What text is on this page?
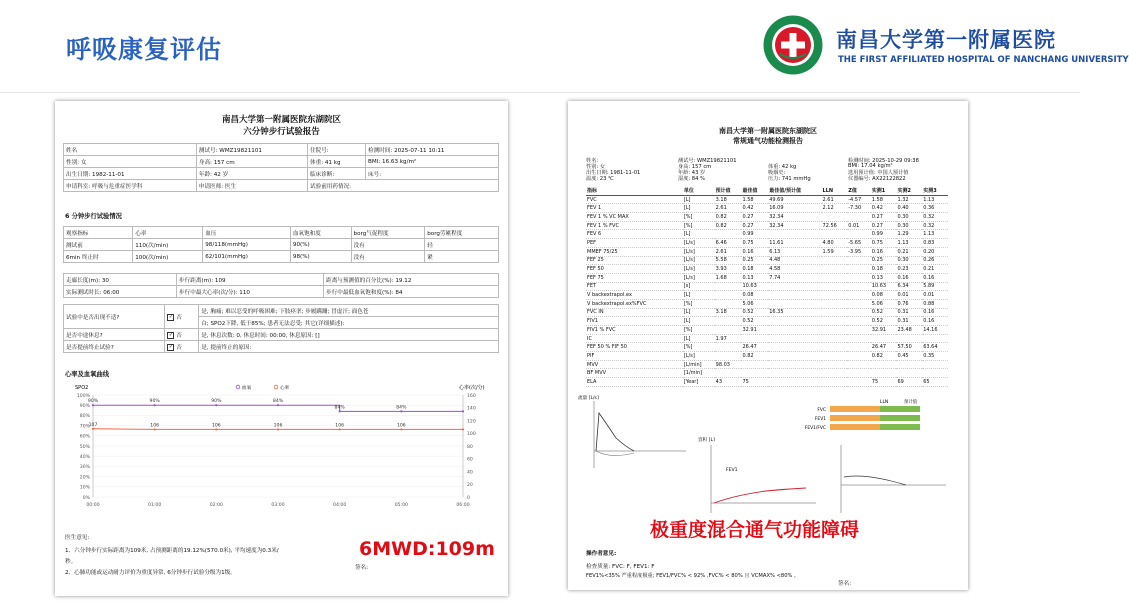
呼吸康复评估	南昌大学第一附属医院
THE FIRST AFFILIATED HOSPITAL OF NANCHANG UNIVERSITY
南昌大学第一附属医院东湖院区
六分钟步行试验报告
姓名	测试号: WMZ19821101	住院号:	检测时间: 2025-07-11 10:11
性别: 女	身高: 157 cm	体重: 41 kg	BMI: 16.63 kg/m²
出生日期: 1982-11-01	年龄: 42 岁	临床诊断:	床号:
申请科室: 呼吸与危重症医学科	申请医师: 医生	试验前用药情况:	
6 分钟步行试验情况
观察指标	心率	血压	血氧饱和度	borg气促程度	borg劳累程度
测试前	110(次/min)	98/118(mmHg)	90(%)	没有	轻
6min 终止时	100(次/min)	62/101(mmHg)	98(%)	没有	紧
走廊长度(m): 30	步行距离(m): 109	距离与预测值的百分比(%): 19.12
实际测试时长: 06:00	步行中最大心率(次/分): 110	步行中最低血氧饱和度(%): 84
试验中是否出现不适?	✓ 否	是, 胸痛; 难以忍受的呼吸困难; 下肢痉挛; 步履蹒跚; 冒虚汗; 面色苍
		白; SPO2下降, 低于85%; 患者无法忍受; 其它(详细描述):
是否中途休息?	✓ 否	是, 休息次数: 0, 休息时间: 00:00, 休息原因: []
是否提前终止试验?	✓ 否	是, 提前终止的原因:
心率及血氧曲线
SPO2	心率(次/分)
0%
10%
20%
30%
40%
50%
60%
70%
80%
90%
100%
0
20
40
60
80
100
120
140
160
00:00	01:00	02:00	03:00	04:00	05:00	06:00
血氧	心率
90%	90%	90%	84%
84%	84%
107	106	106	106	106	106
医生意见:
1、六分钟步行实际距离为109米, 占预测距离的19.12%(570.0米), 平均速度为0.3米/
秒。
2、心肺功能或运动耐力评价为重度异常, 6分钟步行试验分级为1级。
签名:
6MWD:109m
南昌大学第一附属医院东湖院区
常规通气功能检测报告
姓名:	测试号: WMZ19821101	检测时间: 2025-10-29 09:38
性别: 女	身高: 157 cm	体重: 42 kg	BMI: 17.04 kg/m²
出生日期: 1981-11-01	年龄: 43 岁	吸烟史:	选用预计值: 中国人预计值
温度: 23 ℃	湿度: 84 %	压力: 741 mmHg	仪器编号: AX22122822
指标	单位	预计值	最佳值	最佳值/预计值	LLN	Z值	实测1	实测2	实测3
FVC	[L]	3.18	1.58	49.69	2.61	-4.57	1.58	1.32	1.13
FEV 1	[L]	2.61	0.42	16.09	2.12	-7.30	0.42	0.40	0.36
FEV 1 % VC MAX	[%]	0.82	0.27	32.34			0.27	0.30	0.32
FEV 1 % FVC	[%]	0.82	0.27	32.34	72.56	0.01	0.27	0.30	0.32
FEV 6	[L]		0.99				0.99	1.29	1.13
PEF	[L/s]	6.46	0.75	11.61	4.80	-5.65	0.75	1.13	0.83
MMEF 75/25	[L/s]	2.61	0.16	6.13	1.59	-3.95	0.16	0.21	0.20
FEF 25	[L/s]	5.58	0.25	4.48			0.25	0.30	0.26
FEF 50	[L/s]	3.93	0.18	4.58			0.18	0.23	0.21
FEF 75	[L/s]	1.68	0.13	7.74			0.13	0.16	0.16
FET	[s]		10.63				10.63	6.34	5.89
V backextrapol.ex	[L]		0.08				0.08	0.01	0.01
V backextrapol.ex%FVC	[%]		5.06				5.06	0.76	0.88
FVC IN	[L]	3.18	0.52	16.35			0.52	0.31	0.16
FIV1	[L]		0.52				0.52	0.31	0.16
FIV1 % FVC	[%]		32.91				32.91	23.48	14.16
IC	[L]	1.97							
FEF 50 % FIF 50	[%]		26.47				26.47	57.50	63.64
PIF	[L/s]		0.82				0.82	0.45	0.35
MVV	[L/min]	98.03							
BF MVV	[1/min]								
ELA	[Year]	43	75				75	69	65
流量 [L/s]
FVC
FEV1
FEV1/FVC
LLN	预计值
容积 [L]
FEV1
操作者意见:
检查质量: FVC: F, FEV1: F
FEV1%<35% 严重程度极重; FEV1/FVC% < 92% ,FVC% < 80% 且 VCMAX% <80% ,
签名:
极重度混合通气功能障碍
